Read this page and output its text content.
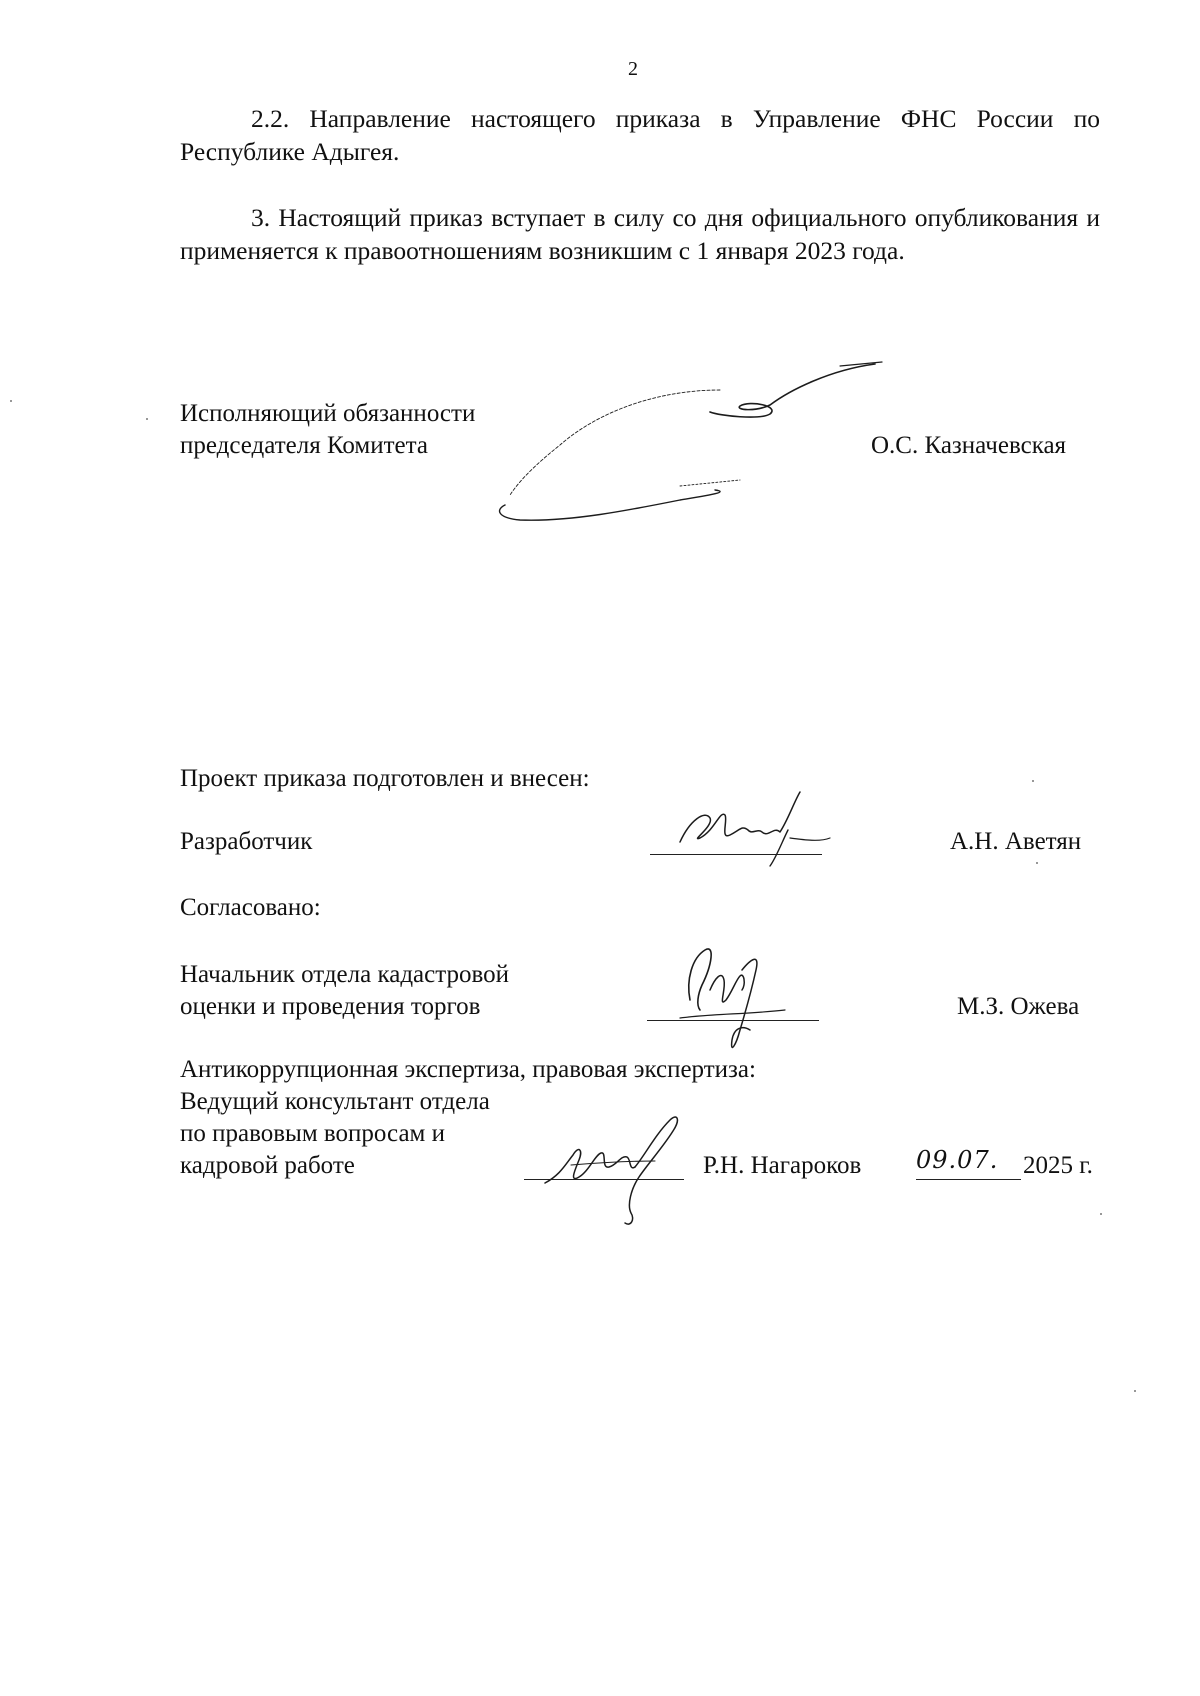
2

2.2. Направление настоящего приказа в Управление ФНС России по Республике Адыгея.

3. Настоящий приказ вступает в силу со дня официального опубликования и применяется к правоотношениям возникшим с 1 января 2023 года.

Исполняющий обязанности
председателя Комитета	О.С. Казначевская
Проект приказа подготовлен и внесен:
Разработчик	А.Н. Аветян
Согласовано:
Начальник отдела кадастровой
оценки и проведения торгов	М.З. Ожева
Антикоррупционная экспертиза, правовая экспертиза:
Ведущий консультант отдела
по правовым вопросам и
кадровой работе	Р.Н. Нагароков 09.07. 2025 г.
